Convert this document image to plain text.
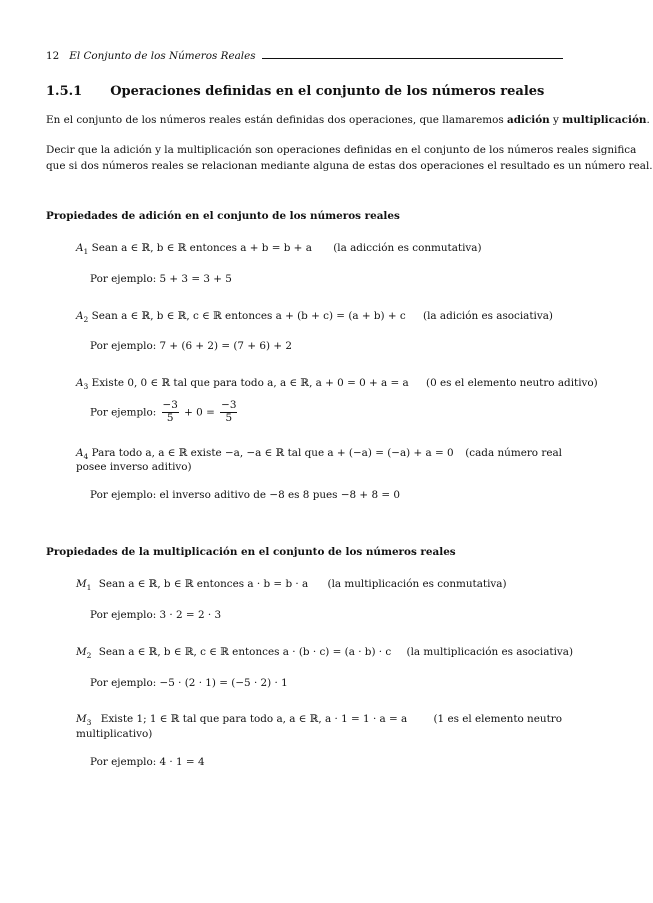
12 El Conjunto de los Números Reales
1.5.1 Operaciones definidas en el conjunto de los números reales
En el conjunto de los números reales están definidas dos operaciones, que llamaremos adición y multiplicación.
Decir que la adición y la multiplicación son operaciones definidas en el conjunto de los números reales significa
que si dos números reales se relacionan mediante alguna de estas dos operaciones el resultado es un número real.
Propiedades de adición en el conjunto de los números reales
$A_1$ Sean a ∈ ℝ, b ∈ ℝ entonces a + b = b + a (la adicción es conmutativa)
Por ejemplo: 5 + 3 = 3 + 5
$A_2$ Sean a ∈ ℝ, b ∈ ℝ, c ∈ ℝ entonces a + (b + c) = (a + b) + c (la adición es asociativa)
Por ejemplo: 7 + (6 + 2) = (7 + 6) + 2
$A_3$ Existe 0, 0 ∈ ℝ tal que para todo a, a ∈ ℝ, a + 0 = 0 + a = a (0 es el elemento neutro aditivo)
Por ejemplo: $\frac{-3}{5} + 0 = \frac{-3}{5}$
$A_4$ Para todo a, a ∈ ℝ existe −a, −a ∈ ℝ tal que a + (−a) = (−a) + a = 0 (cada número real
posee inverso aditivo)
Por ejemplo: el inverso aditivo de −8 es 8 pues −8 + 8 = 0
Propiedades de la multiplicación en el conjunto de los números reales
$M_1$ Sean a ∈ ℝ, b ∈ ℝ entonces a · b = b · a (la multiplicación es conmutativa)
Por ejemplo: 3 · 2 = 2 · 3
$M_2$ Sean a ∈ ℝ, b ∈ ℝ, c ∈ ℝ entonces a · (b · c) = (a · b) · c (la multiplicación es asociativa)
Por ejemplo: −5 · (2 · 1) = (−5 · 2) · 1
$M_3$ Existe 1; 1 ∈ ℝ tal que para todo a, a ∈ ℝ, a · 1 = 1 · a = a	(1 es el elemento neutro
multiplicativo)
Por ejemplo: 4 · 1 = 4
